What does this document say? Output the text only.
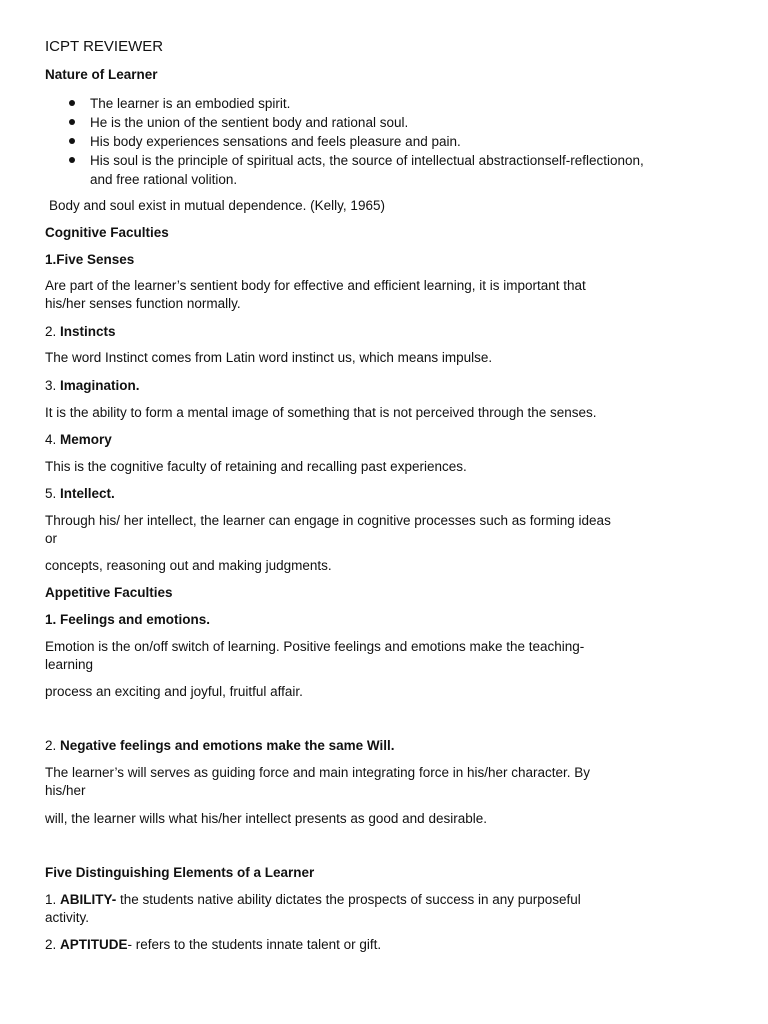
ICPT REVIEWER
Nature of Learner
The learner is an embodied spirit.
He is the union of the sentient body and rational soul.
His body experiences sensations and feels pleasure and pain.
His soul is the principle of spiritual acts, the source of intellectual abstractionself-reflectionon, and free rational volition.
Body and soul exist in mutual dependence. (Kelly, 1965)
Cognitive Faculties
1.Five Senses
Are part of the learner’s sentient body for effective and efficient learning, it is important that
his/her senses function normally.
2. Instincts
The word Instinct comes from Latin word instinct us, which means impulse.
3. Imagination.
It is the ability to form a mental image of something that is not perceived through the senses.
4. Memory
This is the cognitive faculty of retaining and recalling past experiences.
5. Intellect.
Through his/ her intellect, the learner can engage in cognitive processes such as forming ideas
or
concepts, reasoning out and making judgments.
Appetitive Faculties
1. Feelings and emotions.
Emotion is the on/off switch of learning. Positive feelings and emotions make the teaching-
learning
process an exciting and joyful, fruitful affair.
2. Negative feelings and emotions make the same Will.
The learner’s will serves as guiding force and main integrating force in his/her character. By
his/her
will, the learner wills what his/her intellect presents as good and desirable.
Five Distinguishing Elements of a Learner
1. ABILITY- the students native ability dictates the prospects of success in any purposeful
activity.
2. APTITUDE- refers to the students innate talent or gift.
